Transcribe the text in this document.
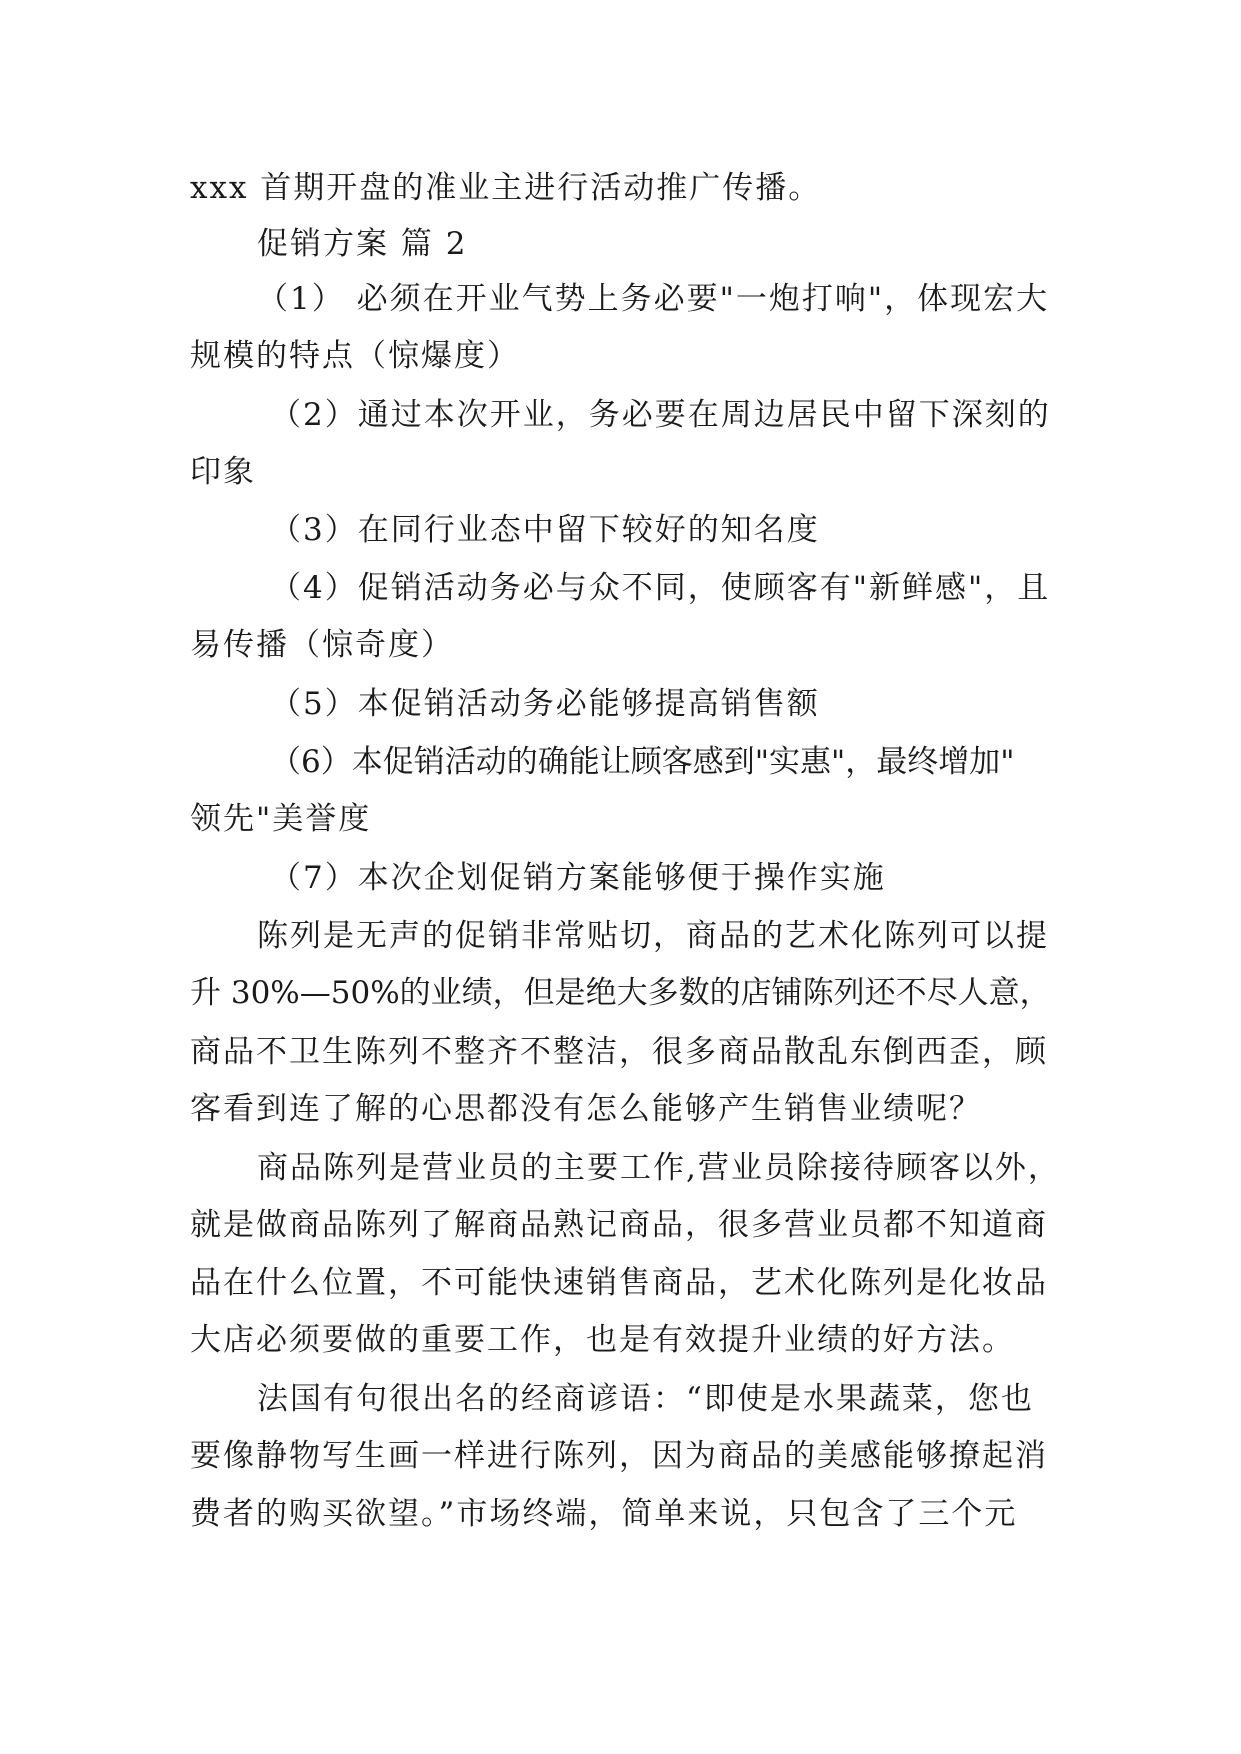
xxx 首期开盘的准业主进行活动推广传播。
促销方案 篇 2
（1） 必须在开业气势上务必要"一炮打响"，体现宏大
规模的特点（惊爆度）
（2）通过本次开业，务必要在周边居民中留下深刻的
印象
（3）在同行业态中留下较好的知名度
（4）促销活动务必与众不同，使顾客有"新鲜感"，且
易传播（惊奇度）
（5）本促销活动务必能够提高销售额
（6）本促销活动的确能让顾客感到"实惠"，最终增加"
领先"美誉度
（7）本次企划促销方案能够便于操作实施
陈列是无声的促销非常贴切，商品的艺术化陈列可以提
升 30%—50%的业绩，但是绝大多数的店铺陈列还不尽人意，
商品不卫生陈列不整齐不整洁，很多商品散乱东倒西歪，顾
客看到连了解的心思都没有怎么能够产生销售业绩呢？
商品陈列是营业员的主要工作,营业员除接待顾客以外，
就是做商品陈列了解商品熟记商品，很多营业员都不知道商
品在什么位置，不可能快速销售商品，艺术化陈列是化妆品
大店必须要做的重要工作，也是有效提升业绩的好方法。
法国有句很出名的经商谚语：“即使是水果蔬菜，您也
要像静物写生画一样进行陈列，因为商品的美感能够撩起消
费者的购买欲望。”市场终端，简单来说，只包含了三个元
